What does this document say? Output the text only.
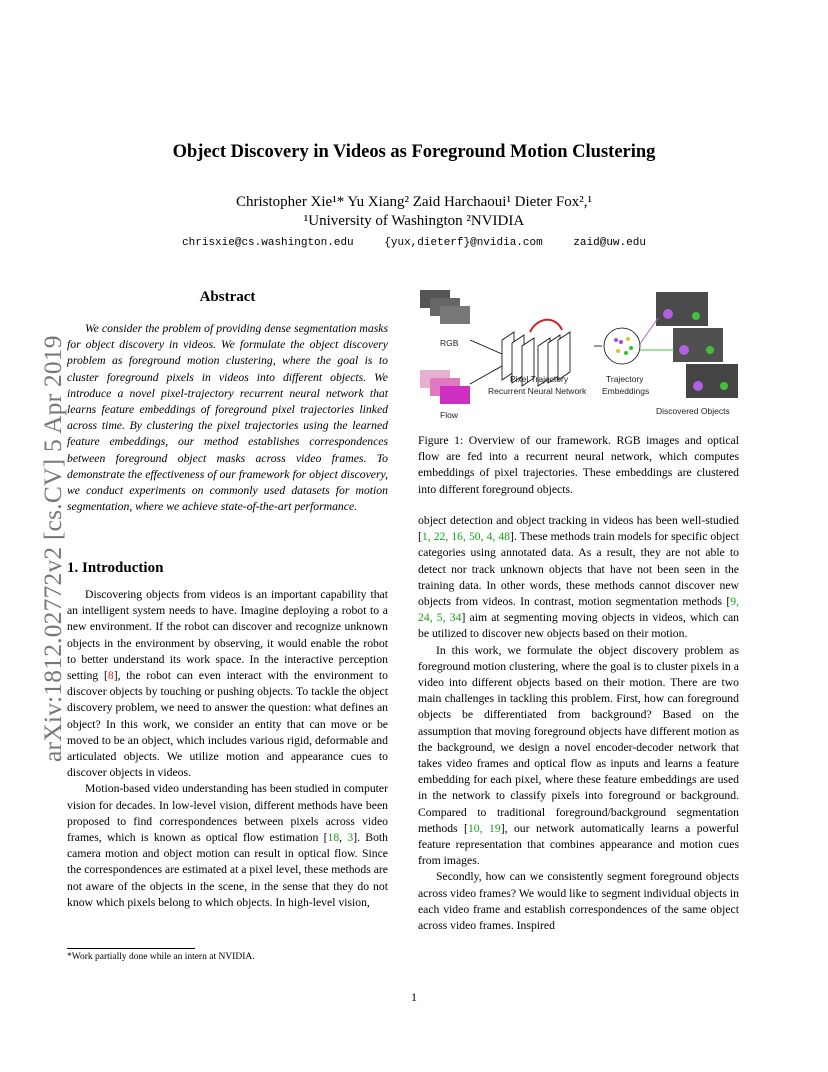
arXiv:1812.02772v2 [cs.CV] 5 Apr 2019
Object Discovery in Videos as Foreground Motion Clustering
Christopher Xie¹* Yu Xiang² Zaid Harchaoui¹ Dieter Fox²,¹
¹University of Washington ²NVIDIA
chrisxie@cs.washington.edu	{yux,dieterf}@nvidia.com	zaid@uw.edu
Abstract
We consider the problem of providing dense segmentation masks for object discovery in videos. We formulate the object discovery problem as foreground motion clustering, where the goal is to cluster foreground pixels in videos into different objects. We introduce a novel pixel-trajectory recurrent neural network that learns feature embeddings of foreground pixel trajectories linked across time. By clustering the pixel trajectories using the learned feature embeddings, our method establishes correspondences between foreground object masks across video frames. To demonstrate the effectiveness of our framework for object discovery, we conduct experiments on commonly used datasets for motion segmentation, where we achieve state-of-the-art performance.
1. Introduction

Discovering objects from videos is an important capability that an intelligent system needs to have. Imagine deploying a robot to a new environment. If the robot can discover and recognize unknown objects in the environment by observing, it would enable the robot to better understand its work space. In the interactive perception setting [8], the robot can even interact with the environment to discover objects by touching or pushing objects. To tackle the object discovery problem, we need to answer the question: what defines an object? In this work, we consider an entity that can move or be moved to be an object, which includes various rigid, deformable and articulated objects. We utilize motion and appearance cues to discover objects in videos.

Motion-based video understanding has been studied in computer vision for decades. In low-level vision, different methods have been proposed to find correspondences between pixels across video frames, which is known as optical flow estimation [18, 3]. Both camera motion and object motion can result in optical flow. Since the correspondences are estimated at a pixel level, these methods are not aware of the objects in the scene, in the sense that they do not know which pixels belong to which objects. In high-level vision,

RGB
Flow
Pixel Trajectory
Recurrent Neural Network
Trajectory
Embeddings
Discovered Objects
Figure 1: Overview of our framework. RGB images and optical flow are fed into a recurrent neural network, which computes embeddings of pixel trajectories. These embeddings are clustered into different foreground objects.

object detection and object tracking in videos has been well-studied [1, 22, 16, 50, 4, 48]. These methods train models for specific object categories using annotated data. As a result, they are not able to detect nor track unknown objects that have not been seen in the training data. In other words, these methods cannot discover new objects from videos. In contrast, motion segmentation methods [9, 24, 5, 34] aim at segmenting moving objects in videos, which can be utilized to discover new objects based on their motion.

In this work, we formulate the object discovery problem as foreground motion clustering, where the goal is to cluster pixels in a video into different objects based on their motion. There are two main challenges in tackling this problem. First, how can foreground objects be differentiated from background? Based on the assumption that moving foreground objects have different motion as the background, we design a novel encoder-decoder network that takes video frames and optical flow as inputs and learns a feature embedding for each pixel, where these feature embeddings are used in the network to classify pixels into foreground or background. Compared to traditional foreground/background segmentation methods [10, 19], our network automatically learns a powerful feature representation that combines appearance and motion cues from images.

Secondly, how can we consistently segment foreground objects across video frames? We would like to segment individual objects in each video frame and establish correspondences of the same object across video frames. Inspired

*Work partially done while an intern at NVIDIA.
1
